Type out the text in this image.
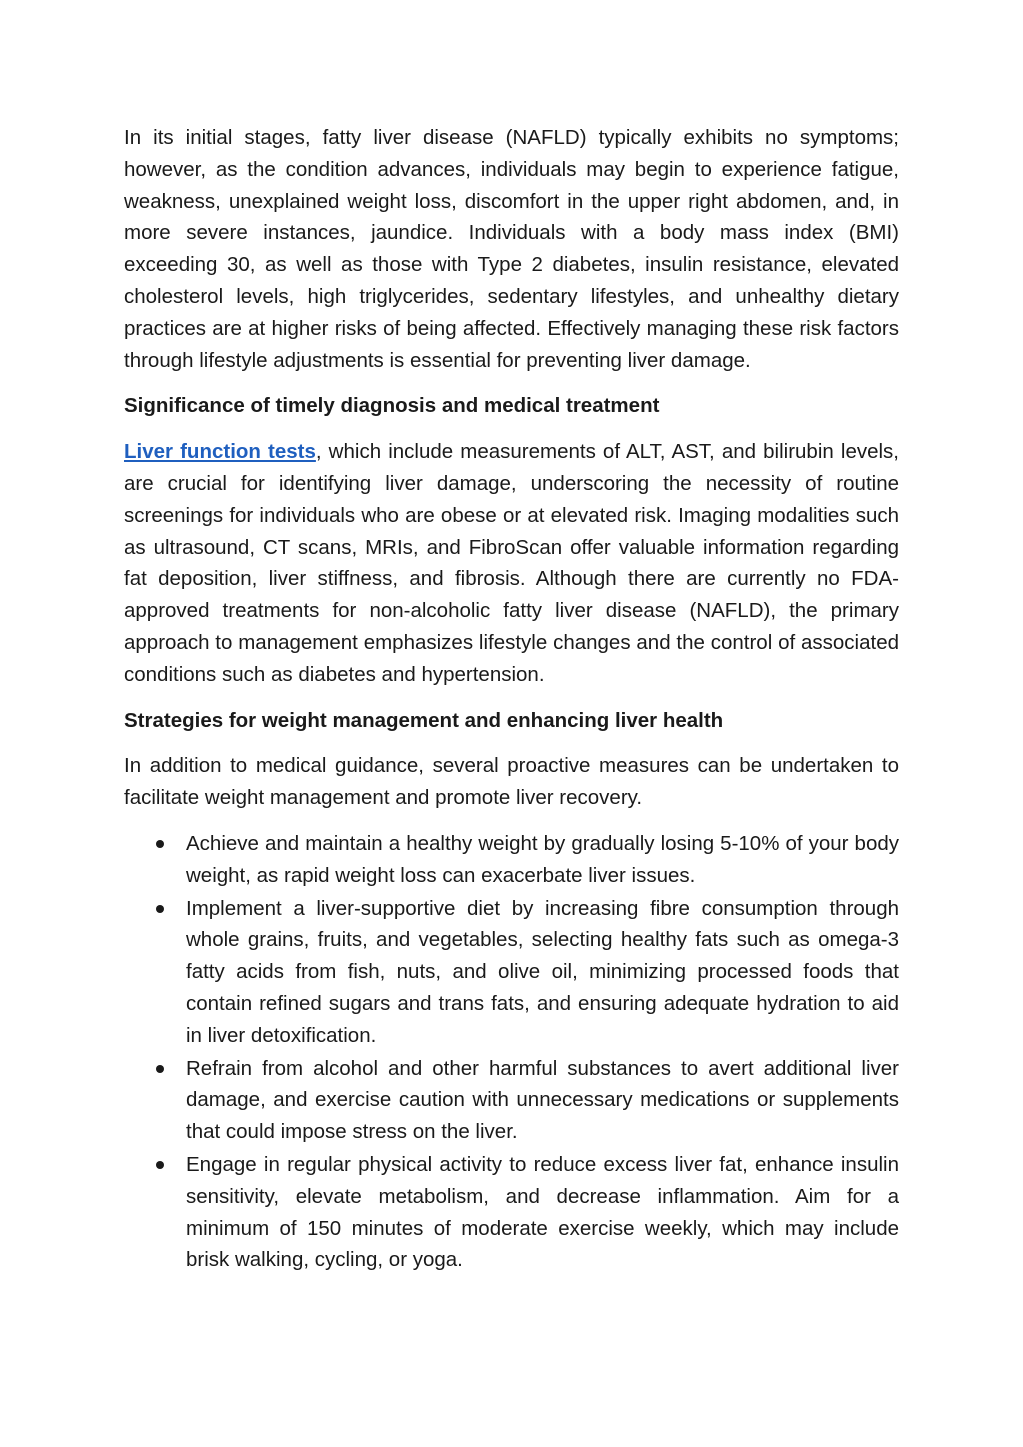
In its initial stages, fatty liver disease (NAFLD) typically exhibits no symptoms; however, as the condition advances, individuals may begin to experience fatigue, weakness, unexplained weight loss, discomfort in the upper right abdomen, and, in more severe instances, jaundice. Individuals with a body mass index (BMI) exceeding 30, as well as those with Type 2 diabetes, insulin resistance, elevated cholesterol levels, high triglycerides, sedentary lifestyles, and unhealthy dietary practices are at higher risks of being affected. Effectively managing these risk factors through lifestyle adjustments is essential for preventing liver damage.

Significance of timely diagnosis and medical treatment

Liver function tests, which include measurements of ALT, AST, and bilirubin levels, are crucial for identifying liver damage, underscoring the necessity of routine screenings for individuals who are obese or at elevated risk. Imaging modalities such as ultrasound, CT scans, MRIs, and FibroScan offer valuable information regarding fat deposition, liver stiffness, and fibrosis. Although there are currently no FDA-approved treatments for non-alcoholic fatty liver disease (NAFLD), the primary approach to management emphasizes lifestyle changes and the control of associated conditions such as diabetes and hypertension.

Strategies for weight management and enhancing liver health

In addition to medical guidance, several proactive measures can be undertaken to facilitate weight management and promote liver recovery.

Achieve and maintain a healthy weight by gradually losing 5-10% of your body weight, as rapid weight loss can exacerbate liver issues.
Implement a liver-supportive diet by increasing fibre consumption through whole grains, fruits, and vegetables, selecting healthy fats such as omega-3 fatty acids from fish, nuts, and olive oil, minimizing processed foods that contain refined sugars and trans fats, and ensuring adequate hydration to aid in liver detoxification.
Refrain from alcohol and other harmful substances to avert additional liver damage, and exercise caution with unnecessary medications or supplements that could impose stress on the liver.
Engage in regular physical activity to reduce excess liver fat, enhance insulin sensitivity, elevate metabolism, and decrease inflammation. Aim for a minimum of 150 minutes of moderate exercise weekly, which may include brisk walking, cycling, or yoga.
